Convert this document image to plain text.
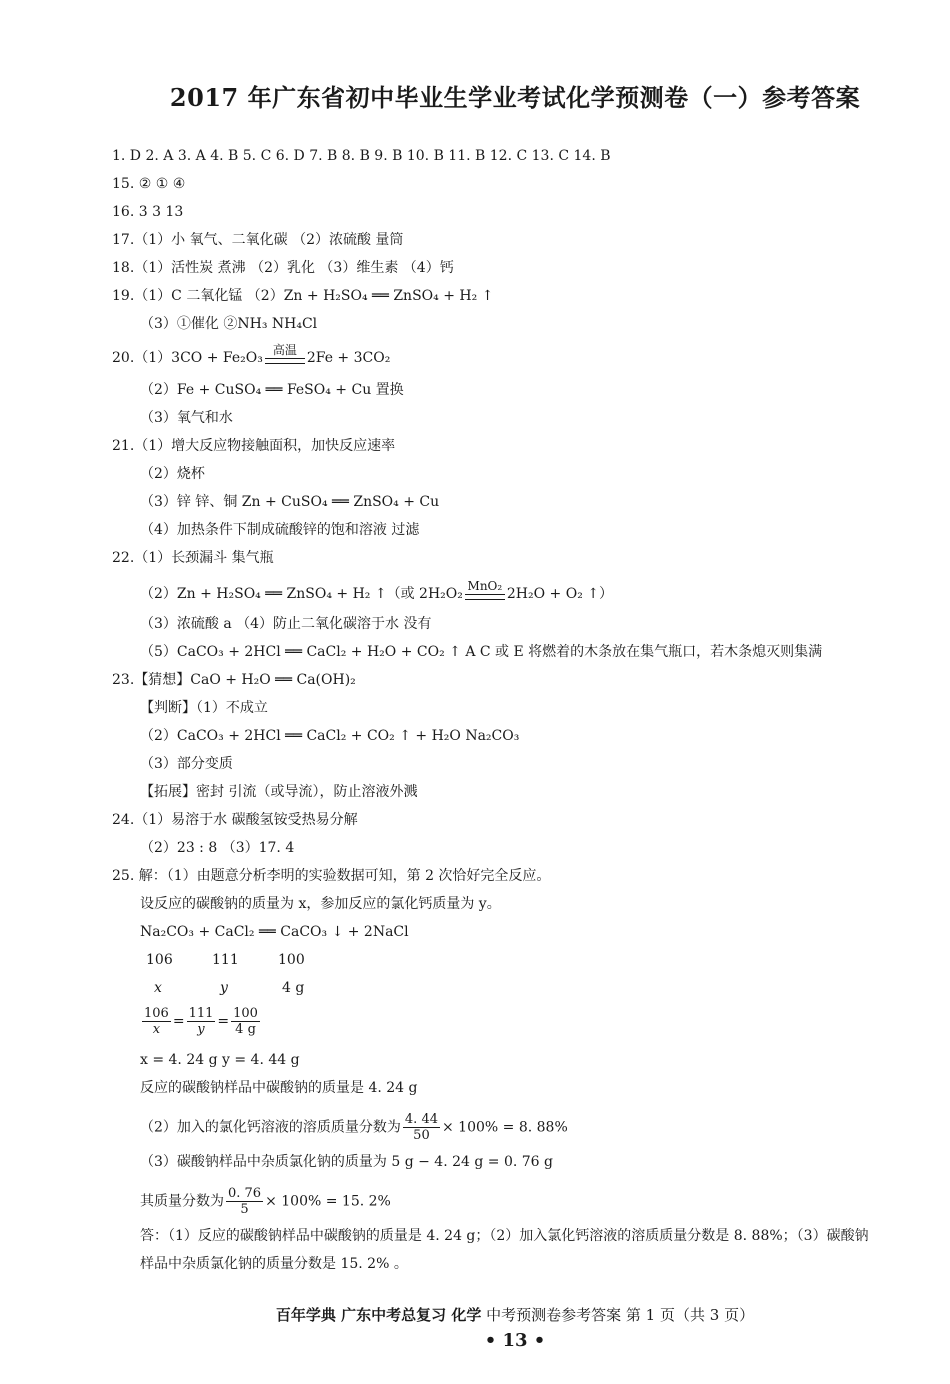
2017 年广东省初中毕业生学业考试化学预测卷（一）参考答案
1. D 2. A 3. A 4. B 5. C 6. D 7. B 8. B 9. B 10. B 11. B 12. C 13. C 14. B
15. ② ① ④
16. 3 3 13
17.（1）小 氧气、二氧化碳 （2）浓硫酸 量筒
18.（1）活性炭 煮沸 （2）乳化 （3）维生素 （4）钙
19.（1）C 二氧化锰 （2）Zn + H₂SO₄ ══ ZnSO₄ + H₂ ↑
（3）①催化 ②NH₃ NH₄Cl
20.（1）3CO + Fe₂O₃ 高温 2Fe + 3CO₂
（2）Fe + CuSO₄ ══ FeSO₄ + Cu 置换
（3）氧气和水
21.（1）增大反应物接触面积，加快反应速率
（2）烧杯
（3）锌 锌、铜 Zn + CuSO₄ ══ ZnSO₄ + Cu
（4）加热条件下制成硫酸锌的饱和溶液 过滤
22.（1）长颈漏斗 集气瓶
（2）Zn + H₂SO₄ ══ ZnSO₄ + H₂ ↑（或 2H₂O₂ MnO₂ 2H₂O + O₂ ↑）
（3）浓硫酸 a （4）防止二氧化碳溶于水 没有
（5）CaCO₃ + 2HCl ══ CaCl₂ + H₂O + CO₂ ↑ A C 或 E 将燃着的木条放在集气瓶口，若木条熄灭则集满
23.【猜想】CaO + H₂O ══ Ca(OH)₂
【判断】（1）不成立
（2）CaCO₃ + 2HCl ══ CaCl₂ + CO₂ ↑ + H₂O Na₂CO₃
（3）部分变质
【拓展】密封 引流（或导流），防止溶液外溅
24.（1）易溶于水 碳酸氢铵受热易分解
（2）23 : 8 （3）17. 4
25. 解：（1）由题意分析李明的实验数据可知，第 2 次恰好完全反应。
设反应的碳酸钠的质量为 x，参加反应的氯化钙质量为 y。
Na₂CO₃ + CaCl₂ ══ CaCO₃ ↓ + 2NaCl
106	111	100
x	y	4 g
$\frac{106}{x} = \frac{111}{y} = \frac{100}{4 g}$
x = 4. 24 g y = 4. 44 g
反应的碳酸钠样品中碳酸钠的质量是 4. 24 g
（2）加入的氯化钙溶液的溶质质量分数为 $\frac{4. 44}{50} \times 100\% = 8$. 88%
（3）碳酸钠样品中杂质氯化钠的质量为 5 g − 4. 24 g = 0. 76 g
其质量分数为 $\frac{0. 76}{5} \times 100\% = 15$. 2%
答：（1）反应的碳酸钠样品中碳酸钠的质量是 4. 24 g；（2）加入氯化钙溶液的溶质质量分数是 8. 88%；（3）碳酸钠
样品中杂质氯化钠的质量分数是 15. 2% 。
百年学典 广东中考总复习 化学 中考预测卷参考答案 第 1 页（共 3 页）
• 13 •
